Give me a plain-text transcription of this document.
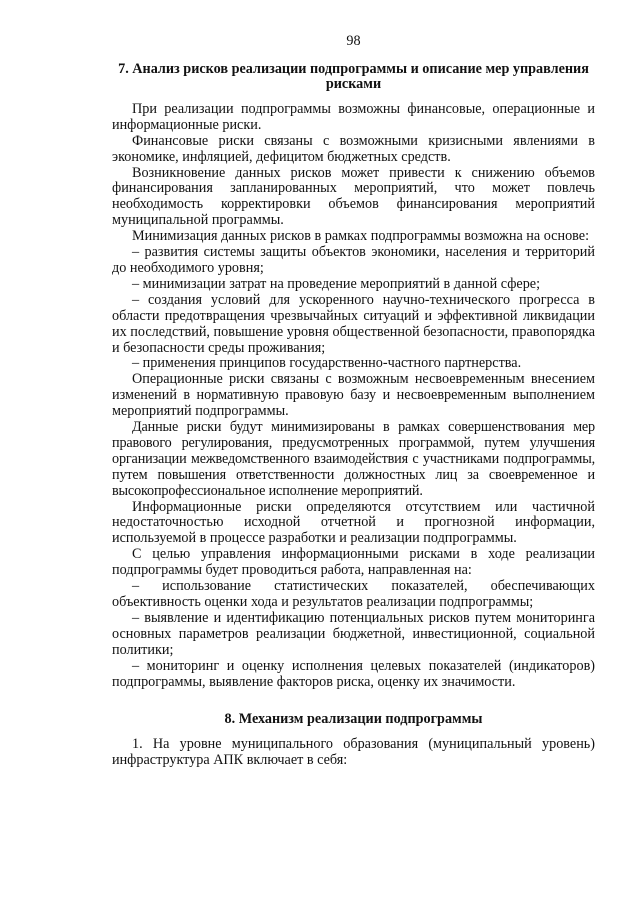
98
7. Анализ рисков реализации подпрограммы и описание мер управления рисками

При реализации подпрограммы возможны финансовые, операционные и информационные риски.

Финансовые риски связаны с возможными кризисными явлениями в экономике, инфляцией, дефицитом бюджетных средств.

Возникновение данных рисков может привести к снижению объемов финансирования запланированных мероприятий, что может повлечь необходимость корректировки объемов финансирования мероприятий муниципальной программы.

Минимизация данных рисков в рамках подпрограммы возможна на основе:

– развития системы защиты объектов экономики, населения и территорий до необходимого уровня;

– минимизации затрат на проведение мероприятий в данной сфере;

– создания условий для ускоренного научно-технического прогресса в области предотвращения чрезвычайных ситуаций и эффективной ликвидации их последствий, повышение уровня общественной безопасности, правопорядка и безопасности среды проживания;

– применения принципов государственно-частного партнерства.

Операционные риски связаны с возможным несвоевременным внесением изменений в нормативную правовую базу и несвоевременным выполнением мероприятий подпрограммы.

Данные риски будут минимизированы в рамках совершенствования мер правового регулирования, предусмотренных программой, путем улучшения организации межведомственного взаимодействия с участниками подпрограммы, путем повышения ответственности должностных лиц за своевременное и высокопрофессиональное исполнение мероприятий.

Информационные риски определяются отсутствием или частичной недостаточностью исходной отчетной и прогнозной информации, используемой в процессе разработки и реализации подпрограммы.

С целью управления информационными рисками в ходе реализации подпрограммы будет проводиться работа, направленная на:

– использование статистических показателей, обеспечивающих объективность оценки хода и результатов реализации подпрограммы;

– выявление и идентификацию потенциальных рисков путем мониторинга основных параметров реализации бюджетной, инвестиционной, социальной политики;

– мониторинг и оценку исполнения целевых показателей (индикаторов) подпрограммы, выявление факторов риска, оценку их значимости.

8. Механизм реализации подпрограммы

1. На уровне муниципального образования (муниципальный уровень) инфраструктура АПК включает в себя:
